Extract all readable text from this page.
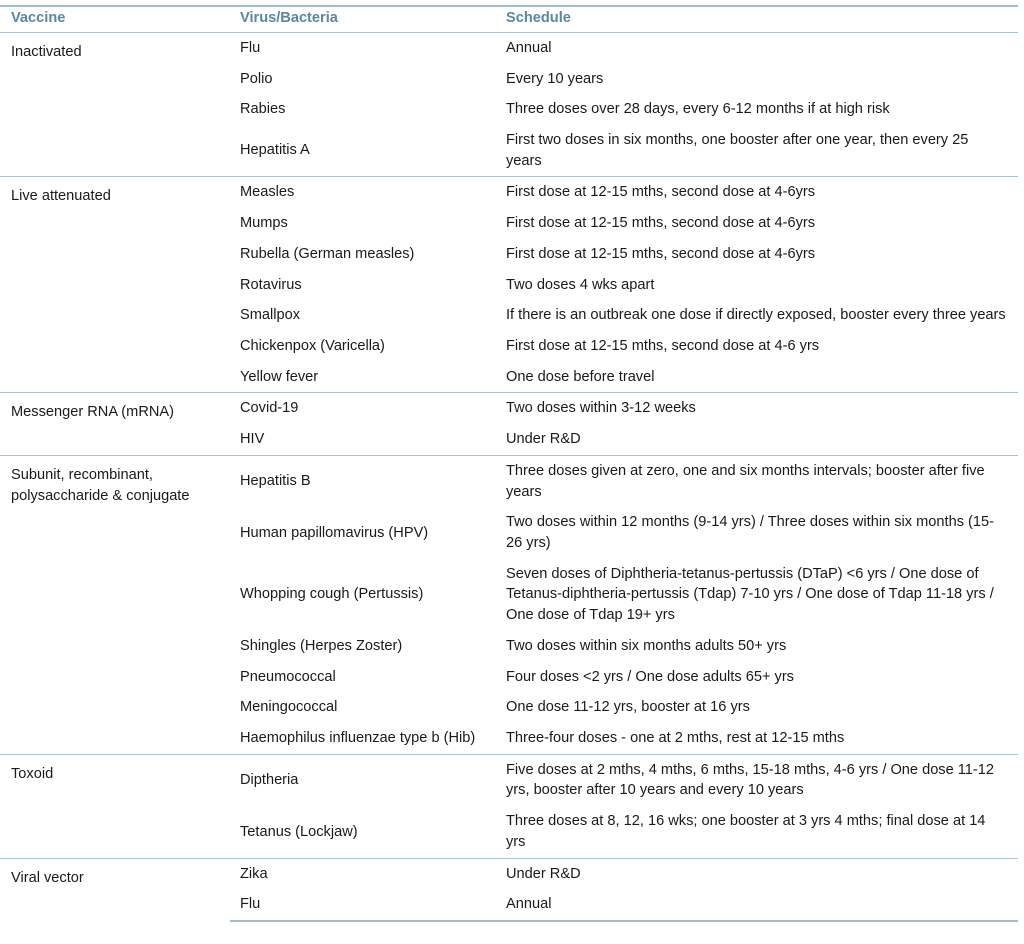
Vaccine	Virus/Bacteria	Schedule
Inactivated	Flu	Annual
	Polio	Every 10 years
	Rabies	Three doses over 28 days, every 6-12 months if at high risk
	Hepatitis A	First two doses in six months, one booster after one year, then every 25 years
Live attenuated	Measles	First dose at 12-15 mths, second dose at 4-6yrs
	Mumps	First dose at 12-15 mths, second dose at 4-6yrs
	Rubella (German measles)	First dose at 12-15 mths, second dose at 4-6yrs
	Rotavirus	Two doses 4 wks apart
	Smallpox	If there is an outbreak one dose if directly exposed, booster every three years
	Chickenpox (Varicella)	First dose at 12-15 mths, second dose at 4-6 yrs
	Yellow fever	One dose before travel
Messenger RNA (mRNA)	Covid-19	Two doses within 3-12 weeks
	HIV	Under R&D
Subunit, recombinant, polysaccharide & conjugate	Hepatitis B	Three doses given at zero, one and six months intervals; booster after five years
	Human papillomavirus (HPV)	Two doses within 12 months (9-14 yrs) / Three doses within six months (15-26 yrs)
	Whopping cough (Pertussis)	Seven doses of Diphtheria-tetanus-pertussis (DTaP) <6 yrs / One dose of Tetanus-diphtheria-pertussis (Tdap) 7-10 yrs / One dose of Tdap 11-18 yrs / One dose of Tdap 19+ yrs
	Shingles (Herpes Zoster)	Two doses within six months adults 50+ yrs
	Pneumococcal	Four doses <2 yrs / One dose adults 65+ yrs
	Meningococcal	One dose 11-12 yrs, booster at 16 yrs
	Haemophilus influenzae type b (Hib)	Three-four doses - one at 2 mths, rest at 12-15 mths
Toxoid	Diptheria	Five doses at 2 mths, 4 mths, 6 mths, 15-18 mths, 4-6 yrs / One dose 11-12 yrs, booster after 10 years and every 10 years
	Tetanus (Lockjaw)	Three doses at 8, 12, 16 wks; one booster at 3 yrs 4 mths; final dose at 14 yrs
Viral vector	Zika	Under R&D
	Flu	Annual
